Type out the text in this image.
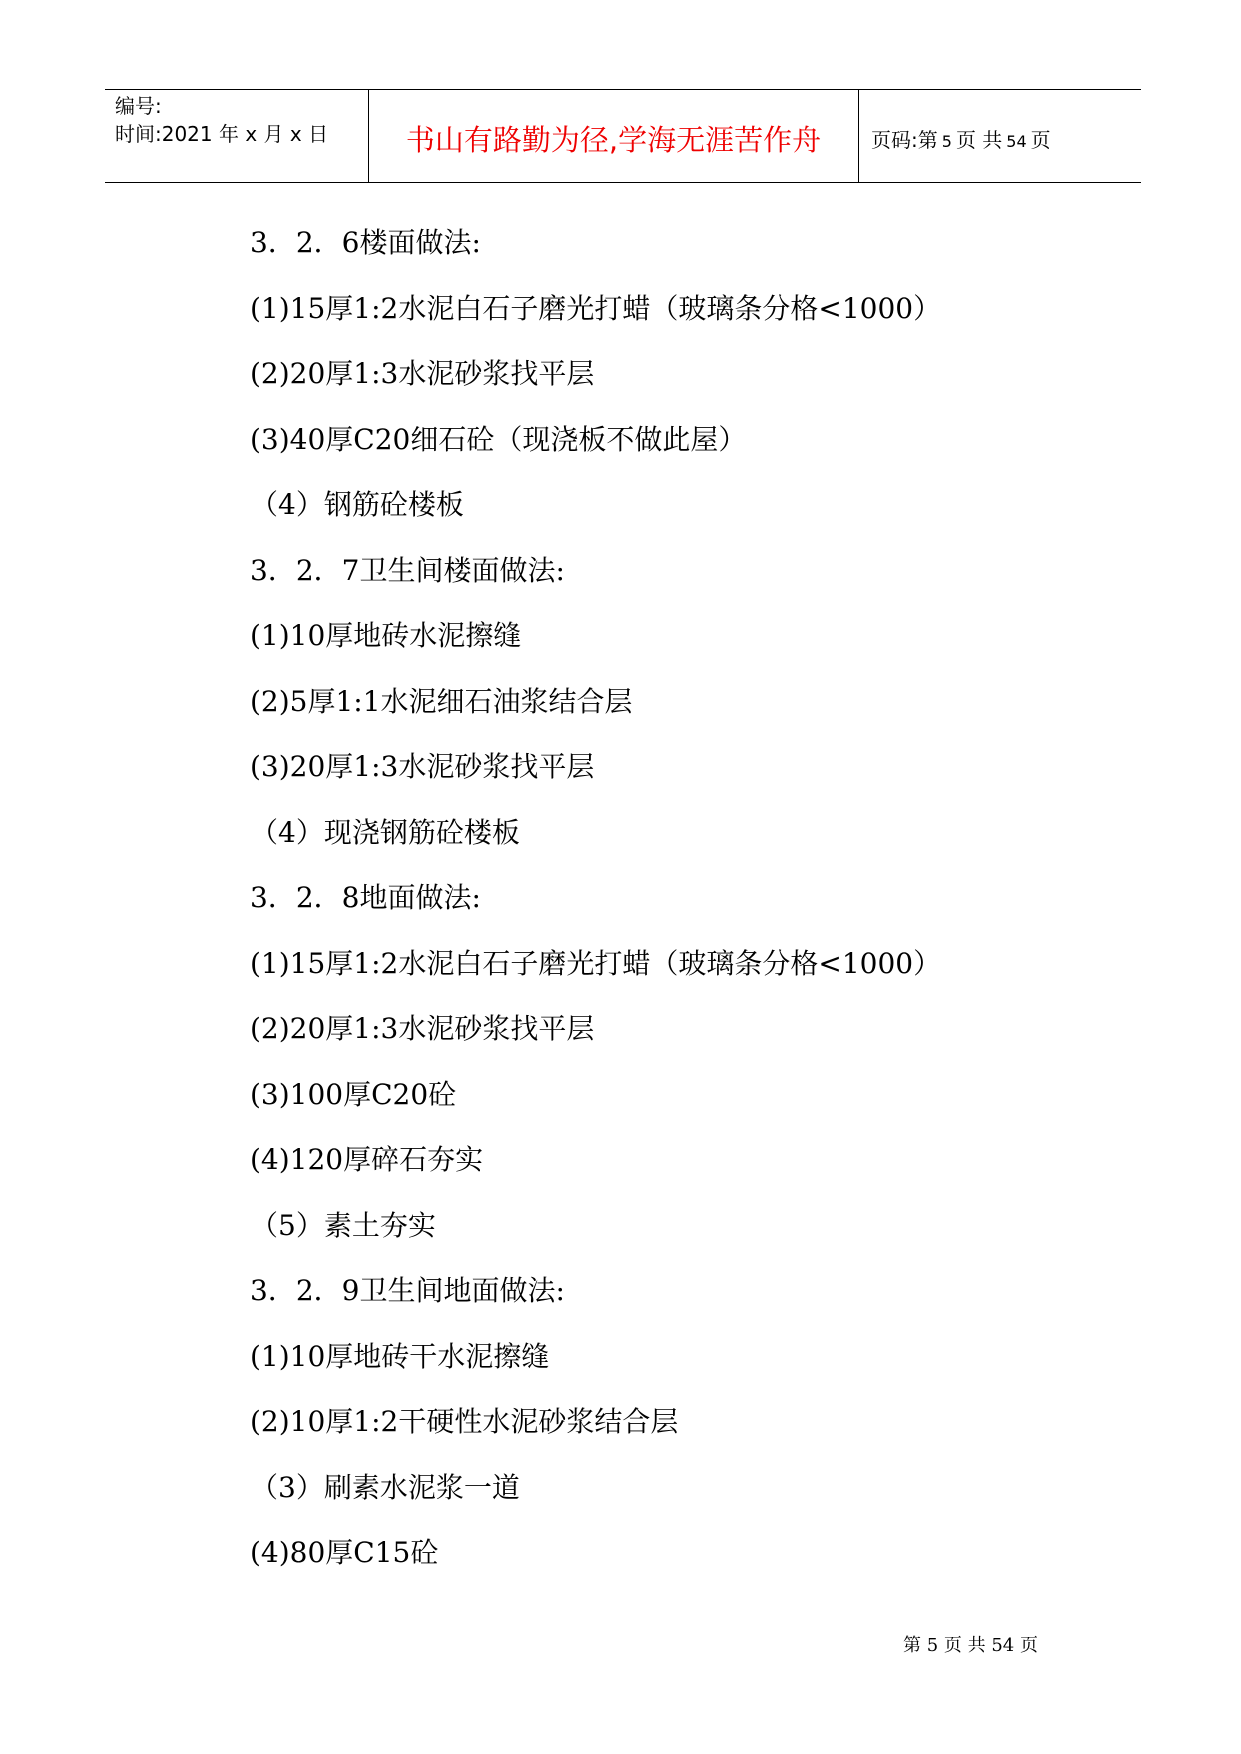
编号:
时间:2021 年 x 月 x 日	书山有路勤为径,学海无涯苦作舟	页码:第 5 页 共 54 页
3．2．6楼面做法:
(1)15厚1:2水泥白石子磨光打蜡（玻璃条分格<1000）
(2)20厚1:3水泥砂浆找平层
(3)40厚C20细石砼（现浇板不做此屋）
（4）钢筋砼楼板
3．2．7卫生间楼面做法:
(1)10厚地砖水泥擦缝
(2)5厚1:1水泥细石油浆结合层
(3)20厚1:3水泥砂浆找平层
（4）现浇钢筋砼楼板
3．2．8地面做法:
(1)15厚1:2水泥白石子磨光打蜡（玻璃条分格<1000）
(2)20厚1:3水泥砂浆找平层
(3)100厚C20砼
(4)120厚碎石夯实
（5）素土夯实
3．2．9卫生间地面做法:
(1)10厚地砖干水泥擦缝
(2)10厚1:2干硬性水泥砂浆结合层
（3）刷素水泥浆一道
(4)80厚C15砼
第 5 页 共 54 页
